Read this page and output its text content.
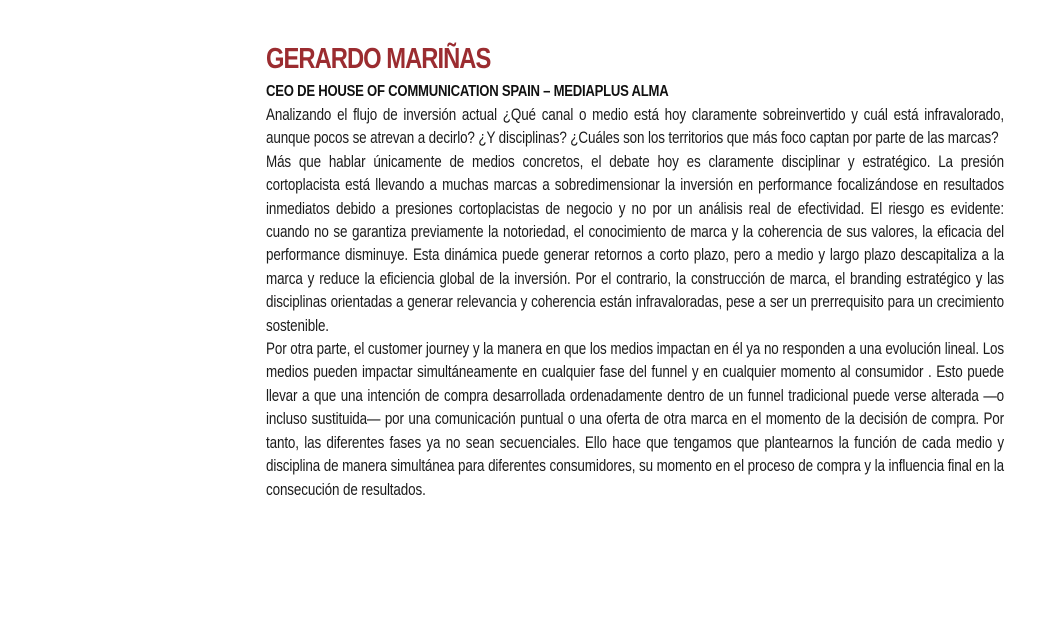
GERARDO MARIÑAS
CEO DE HOUSE OF COMMUNICATION SPAIN – MEDIAPLUS ALMA

Analizando el flujo de inversión actual ¿Qué canal o medio está hoy claramente sobreinvertido y cuál está infravalorado, aunque pocos se atrevan a decirlo? ¿Y disciplinas? ¿Cuáles son los territorios que más foco captan por parte de las marcas?

Más que hablar únicamente de medios concretos, el debate hoy es claramente disciplinar y estratégico. La presión cortoplacista está llevando a muchas marcas a sobredimensionar la inversión en performance focalizándose en resultados inmediatos debido a presiones cortoplacistas de negocio y no por un análisis real de efectividad. El riesgo es evidente: cuando no se garantiza previamente la notoriedad, el conocimiento de marca y la coherencia de sus valores, la eficacia del performance disminuye. Esta dinámica puede generar retornos a corto plazo, pero a medio y largo plazo descapitaliza a la marca y reduce la eficiencia global de la inversión. Por el contrario, la construcción de marca, el branding estratégico y las disciplinas orientadas a generar relevancia y coherencia están infravaloradas, pese a ser un prerrequisito para un crecimiento sostenible.

Por otra parte, el customer journey y la manera en que los medios impactan en él ya no responden a una evolución lineal. Los medios pueden impactar simultáneamente en cualquier fase del funnel y en cualquier momento al consumidor . Esto puede llevar a que una intención de compra desarrollada ordenadamente dentro de un funnel tradicional puede verse alterada —o incluso sustituida— por una comunicación puntual o una oferta de otra marca en el momento de la decisión de compra. Por tanto, las diferentes fases ya no sean secuenciales. Ello hace que tengamos que plantearnos la función de cada medio y disciplina de manera simultánea para diferentes consumidores, su momento en el proceso de compra y la influencia final en la consecución de resultados.
